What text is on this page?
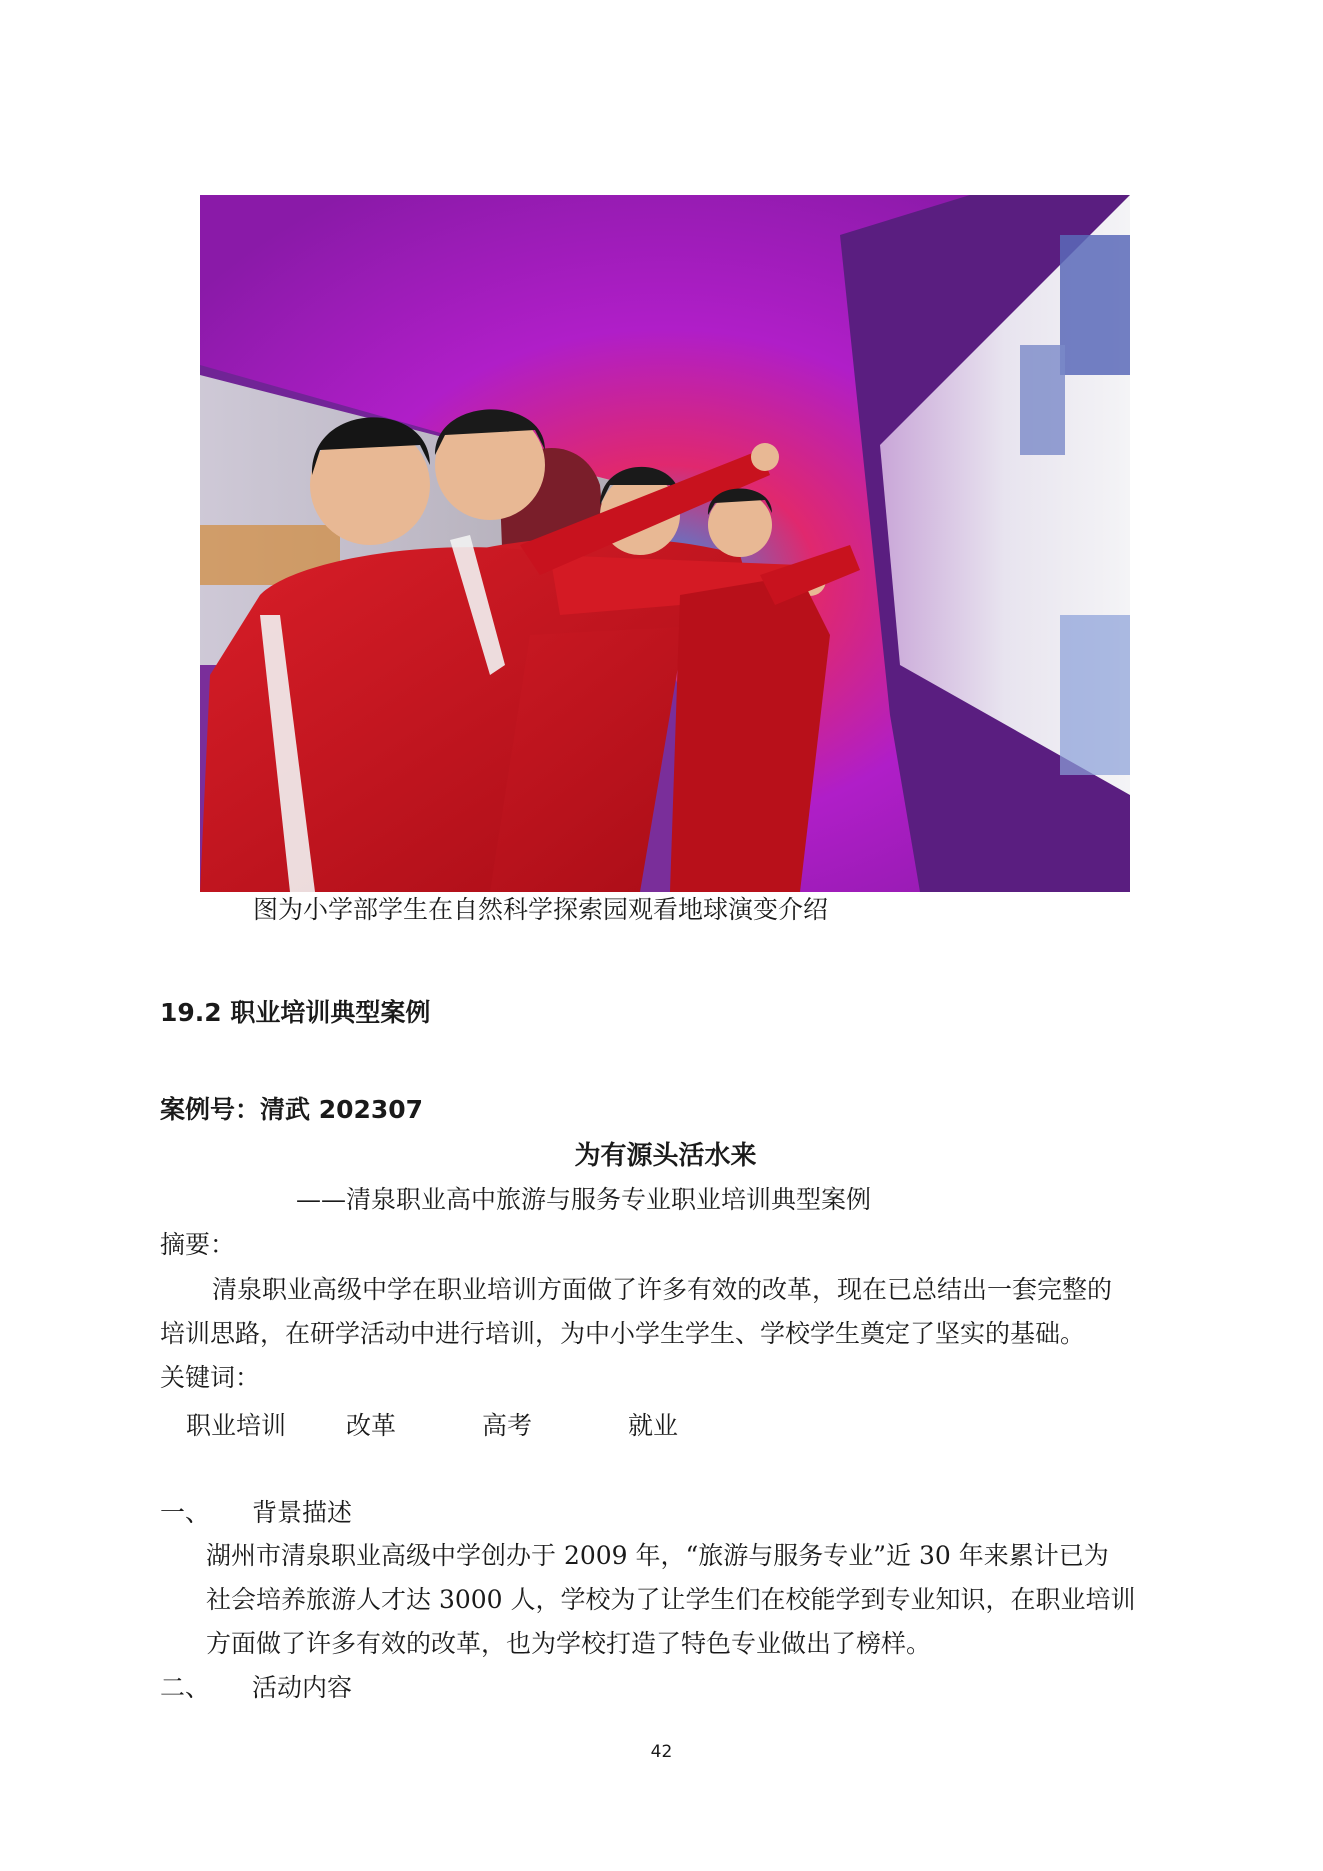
图为小学部学生在自然科学探索园观看地球演变介绍
19.2 职业培训典型案例
案例号：清武 202307
为有源头活水来
——清泉职业高中旅游与服务专业职业培训典型案例
摘要：
清泉职业高级中学在职业培训方面做了许多有效的改革，现在已总结出一套完整的
培训思路，在研学活动中进行培训，为中小学生学生、学校学生奠定了坚实的基础。
关键词：
职业培训 改革	高考	就业
一、 背景描述
湖州市清泉职业高级中学创办于 2009 年，“旅游与服务专业”近 30 年来累计已为
社会培养旅游人才达 3000 人，学校为了让学生们在校能学到专业知识，在职业培训
方面做了许多有效的改革，也为学校打造了特色专业做出了榜样。
二、 活动内容
42
